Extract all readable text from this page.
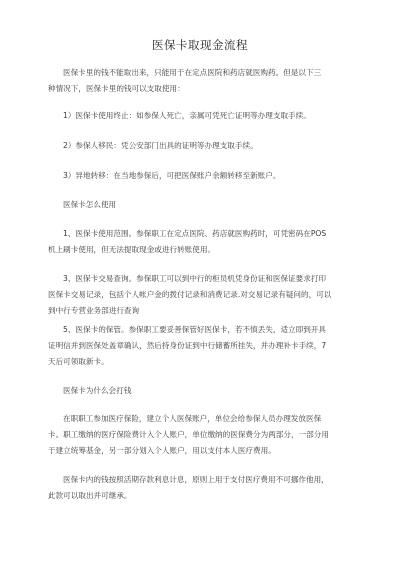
医保卡取现金流程
医保卡里的钱不能取出来，只能用于在定点医院和药店就医购药。但是以下三
种情况下，医保卡里的钱可以支取使用：
1）医保卡使用终止：如参保人死亡，亲属可凭死亡证明等办理支取手续。
2）参保人移民：凭公安部门出具的证明等办理支取手续。
3）异地转移：在当地参保后，可把医保账户余额转移至新账户。
医保卡怎么使用
1、医保卡使用范围。参保职工在定点医院、药店就医购药时，可凭密码在POS
机上刷卡使用，但无法提取现金或进行转账使用。
3、医保卡交易查询。参保职工可以到中行的柜员机凭身份证和医保证要求打印
医保卡交易记录，包括个人帐户金的拨付记录和消费记录.对交易记录有疑问的，可以
到中行专营业务部进行查询
5、医保卡的保管。参保职工要妥善保管好医保卡，若不慎丢失，适立即到开具
证明信并到医保处盖章确认，然后持身份证到中行储蓄所挂失，并办理补卡手续，7
天后可领取新卡。
医保卡为什么会打钱
在职职工参加医疗保险，建立个人医保账户，单位会给参保人员办理发放医保
卡。职工缴纳的医疗保险费计入个人账户，单位缴纳的医保费分为两部分，一部分用
于建立统筹基金，另一部分划入个人账户，用以支付本人医疗费用。
医保卡内的钱按照活期存款利息计息，原则上用于支付医疗费用不可挪作他用，
此款可以取出并可继承。
